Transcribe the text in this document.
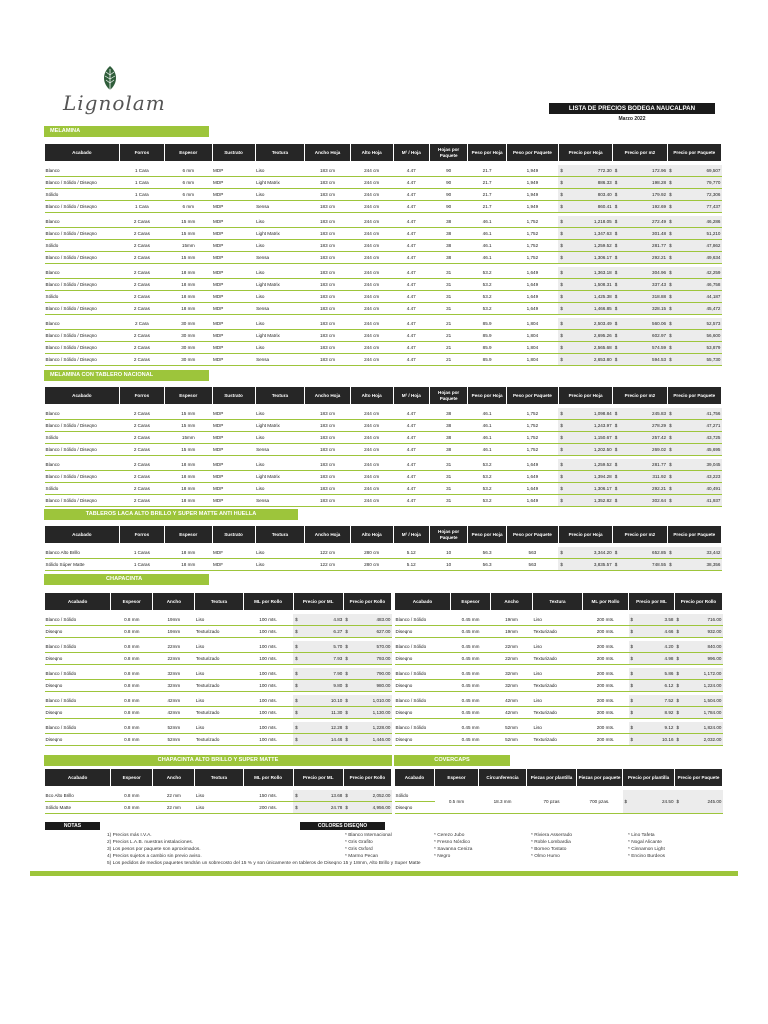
Lignolam	LISTA DE PRECIOS BODEGA NAUCALPAN
Marzo 2022
MELAMINA
Acabado	Forros	Espesor	Sustrato	Textura	Ancho Hoja	Alto Hoja	M² / Hoja	Hojas por Paquete	Peso por Hoja	Peso por Paquete	Precio por Hoja	Precio por m2	Precio por Paquete

Blanco	1 Cara	6 mm	MDP	Liso	183 cm	244 cm	4.47	90	21.7	1,949	$ 772.30	$ 172.96	$ 69,507
Blanco / Sólido / Diseqno	1 Cara	6 mm	MDP	Light Matrix	183 cm	244 cm	4.47	90	21.7	1,949	$ 886.33	$ 198.28	$ 79,770
Sólido	1 Cara	6 mm	MDP	Liso	183 cm	244 cm	4.47	90	21.7	1,949	$ 803.40	$ 179.92	$ 72,306
Blanco / Sólido / Diseqno	1 Cara	6 mm	MDP	Sensa	183 cm	244 cm	4.47	90	21.7	1,949	$ 860.41	$ 192.69	$ 77,437

Blanco	2 Caras	15 mm	MDP	Liso	183 cm	244 cm	4.47	38	46.1	1,752	$ 1,218.05	$ 272.49	$ 46,286
Blanco / Sólido / Diseqno	2 Caras	15 mm	MDP	Light Matrix	183 cm	244 cm	4.47	38	46.1	1,752	$ 1,347.63	$ 301.48	$ 51,210
Sólido	2 Caras	15mm	MDP	Liso	183 cm	244 cm	4.47	38	46.1	1,752	$ 1,259.52	$ 281.77	$ 47,862
Blanco / Sólido / Diseqno	2 Caras	15 mm	MDP	Sensa	183 cm	244 cm	4.47	38	46.1	1,752	$ 1,306.17	$ 292.21	$ 49,634

Blanco	2 Caras	18 mm	MDP	Liso	183 cm	244 cm	4.47	31	53.2	1,649	$ 1,363.18	$ 304.96	$ 42,259
Blanco / Sólido / Diseqno	2 Caras	18 mm	MDP	Light Matrix	183 cm	244 cm	4.47	31	53.2	1,649	$ 1,508.31	$ 337.43	$ 46,758
Sólido	2 Caras	18 mm	MDP	Liso	183 cm	244 cm	4.47	31	53.2	1,649	$ 1,425.38	$ 318.88	$ 44,187
Blanco / Sólido / Diseqno	2 Caras	18 mm	MDP	Sensa	183 cm	244 cm	4.47	31	53.2	1,649	$ 1,466.85	$ 328.15	$ 45,472

Blanco	2 Cara	30 mm	MDP	Liso	183 cm	244 cm	4.47	21	85.9	1,804	$ 2,503.49	$ 560.06	$ 52,573
Blanco / Sólido / Diseqno	2 Caras	30 mm	MDP	Light Matrix	183 cm	244 cm	4.47	21	85.9	1,804	$ 2,695.26	$ 602.97	$ 56,600
Blanco / Sólido / Diseqno	2 Caras	30 mm	MDP	Liso	183 cm	244 cm	4.47	21	85.9	1,804	$ 2,565.68	$ 574.59	$ 53,879
Blanco / Sólido / Diseqno	2 Caras	30 mm	MDP	Sensa	183 cm	244 cm	4.47	21	85.9	1,804	$ 2,653.80	$ 594.53	$ 55,730
MELAMINA CON TABLERO NACIONAL
Acabado	Forros	Espesor	Sustrato	Textura	Ancho Hoja	Alto Hoja	M² / Hoja	Hojas por Paquete	Peso por Hoja	Peso por Paquete	Precio por Hoja	Precio por m2	Precio por Paquete

Blanco	2 Caras	15 mm	MDP	Liso	183 cm	244 cm	4.47	38	46.1	1,752	$ 1,098.84	$ 245.83	$ 41,756
Blanco / Sólido / Diseqno	2 Caras	15 mm	MDP	Light Matrix	183 cm	244 cm	4.47	38	46.1	1,752	$ 1,243.97	$ 278.29	$ 47,271
Sólido	2 Caras	15mm	MDP	Liso	183 cm	244 cm	4.47	38	46.1	1,752	$ 1,150.67	$ 257.42	$ 43,725
Blanco / Sólido / Diseqno	2 Caras	15 mm	MDP	Sensa	183 cm	244 cm	4.47	38	46.1	1,752	$ 1,202.50	$ 269.02	$ 45,695

Blanco	2 Caras	18 mm	MDP	Liso	183 cm	244 cm	4.47	31	53.2	1,649	$ 1,259.52	$ 281.77	$ 39,045
Blanco / Sólido / Diseqno	2 Caras	18 mm	MDP	Light Matrix	183 cm	244 cm	4.47	31	53.2	1,649	$ 1,394.28	$ 311.92	$ 43,223
Sólido	2 Caras	18 mm	MDP	Liso	183 cm	244 cm	4.47	31	53.2	1,649	$ 1,306.17	$ 292.21	$ 40,491
Blanco / Sólido / Diseqno	2 Caras	18 mm	MDP	Sensa	183 cm	244 cm	4.47	31	53.2	1,649	$ 1,352.82	$ 302.64	$ 41,937
TABLEROS LACA ALTO BRILLO Y SUPER MATTE ANTI HUELLA
Acabado	Forros	Espesor	Sustrato	Textura	Ancho Hoja	Alto Hoja	M² / Hoja	Hojas por Paquete	Peso por Hoja	Peso por Paquete	Precio por Hoja	Precio por m2	Precio por Paquete

Blanco Alto Brillo	1 Caras	18 mm	MDF	Liso	122 cm	280 cm	5.12	10	56.3	563	$ 3,344.20	$ 652.85	$ 33,442
Sólido Súper Matte	1 Caras	18 mm	MDF	Liso	122 cm	280 cm	5.12	10	56.3	563	$ 3,835.57	$ 748.55	$ 38,356
CHAPACINTA
Acabado	Espesor	Ancho	Textura	ML por Rollo	Precio por ML	Precio por Rollo

Blanco / Sólido	0.8 mm	19mm	Liso	100 mts.	$ 4.83	$ 483.00
Diseqno	0.8 mm	19mm	Texturizado	100 mts.	$ 6.27	$ 627.00

Blanco / Sólido	0.8 mm	22mm	Liso	100 mts.	$ 5.70	$ 570.00
Diseqno	0.8 mm	22mm	Texturizado	100 mts.	$ 7.93	$ 793.00

Blanco / Sólido	0.8 mm	32mm	Liso	100 mts.	$ 7.90	$ 790.00
Diseqno	0.8 mm	32mm	Texturizado	100 mts.	$ 9.80	$ 980.00

Blanco / Sólido	0.8 mm	42mm	Liso	100 mts.	$ 10.10	$ 1,010.00
Diseqno	0.8 mm	42mm	Texturizado	100 mts.	$ 11.30	$ 1,130.00

Blanco / Sólido	0.8 mm	52mm	Liso	100 mts.	$ 12.28	$ 1,228.00
Diseqno	0.8 mm	52mm	Texturizado	100 mts.	$ 14.46	$ 1,446.00
Acabado	Espesor	Ancho	Textura	ML por Rollo	Precio por ML	Precio por Rollo

Blanco / Sólido	0.45 mm	19mm	Liso	200 mts.	$ 3.58	$ 716.00
Diseqno	0.45 mm	19mm	Texturizado	200 mts.	$ 4.66	$ 932.00

Blanco / Sólido	0.45 mm	22mm	Liso	200 mts.	$ 4.20	$ 840.00
Diseqno	0.45 mm	22mm	Texturizado	200 mts.	$ 4.98	$ 996.00

Blanco / Sólido	0.45 mm	32mm	Liso	200 mts.	$ 5.86	$ 1,172.00
Diseqno	0.45 mm	32mm	Texturizado	200 mts.	$ 6.12	$ 1,224.00

Blanco / Sólido	0.45 mm	42mm	Liso	200 mts.	$ 7.52	$ 1,504.00
Diseqno	0.45 mm	42mm	Texturizado	200 mts.	$ 8.92	$ 1,784.00

Blanco / Sólido	0.45 mm	52mm	Liso	200 mts.	$ 9.12	$ 1,824.00
Diseqno	0.45 mm	52mm	Texturizado	200 mts.	$ 10.16	$ 2,032.00
CHAPACINTA ALTO BRILLO Y SUPER MATTE
Acabado	Espesor	Ancho	Textura	ML por Rollo	Precio por ML	Precio por Rollo

Bco Alto Brillo	0.8 mm	22 mm	Liso	150 mts.	$ 13.68	$ 2,052.00
Sólido Matte	0.8 mm	22 mm	Liso	200 mts.	$ 24.78	$ 4,956.00
COVERCAPS
Acabado	Espesor	Circunferencia	Piezas por plantilla	Piezas por paquete	Precio por plantilla	Precio por Paquete

Sólido	0.5 mm	18.3 mm	70 pzas	700 pzas.	$ 24.50	$ 245.00
Diseqno						
NOTAS	COLORES DISEQNO
1) Precios más I.V.A.
2) Precios L.A.B. nuestras instalaciones.
3) Los pesos por paquete son aproximados.
4) Precios sujetos a cambio sin previo aviso.
5) Los pedidos de medios paquetes tendrán un sobrecosto del 15 % y son únicamente en tableros de Diseqno 15 y 18mm, Alto Brillo y Super Matte
* Blanco Internacional
* Gris Grafito
* Gris Oxford
* Marmo Pecan
* Cerezo Jubo
* Fresno Nórdico
* Savanna Ceniza
* Negro
* Riviera Asserrado
* Roble Lombardia
* Borneo Tostato
* Olmo Humo
* Lino Tafeta
* Nogal Alicante
* Cinnamon Light
* Encino Burdeos
